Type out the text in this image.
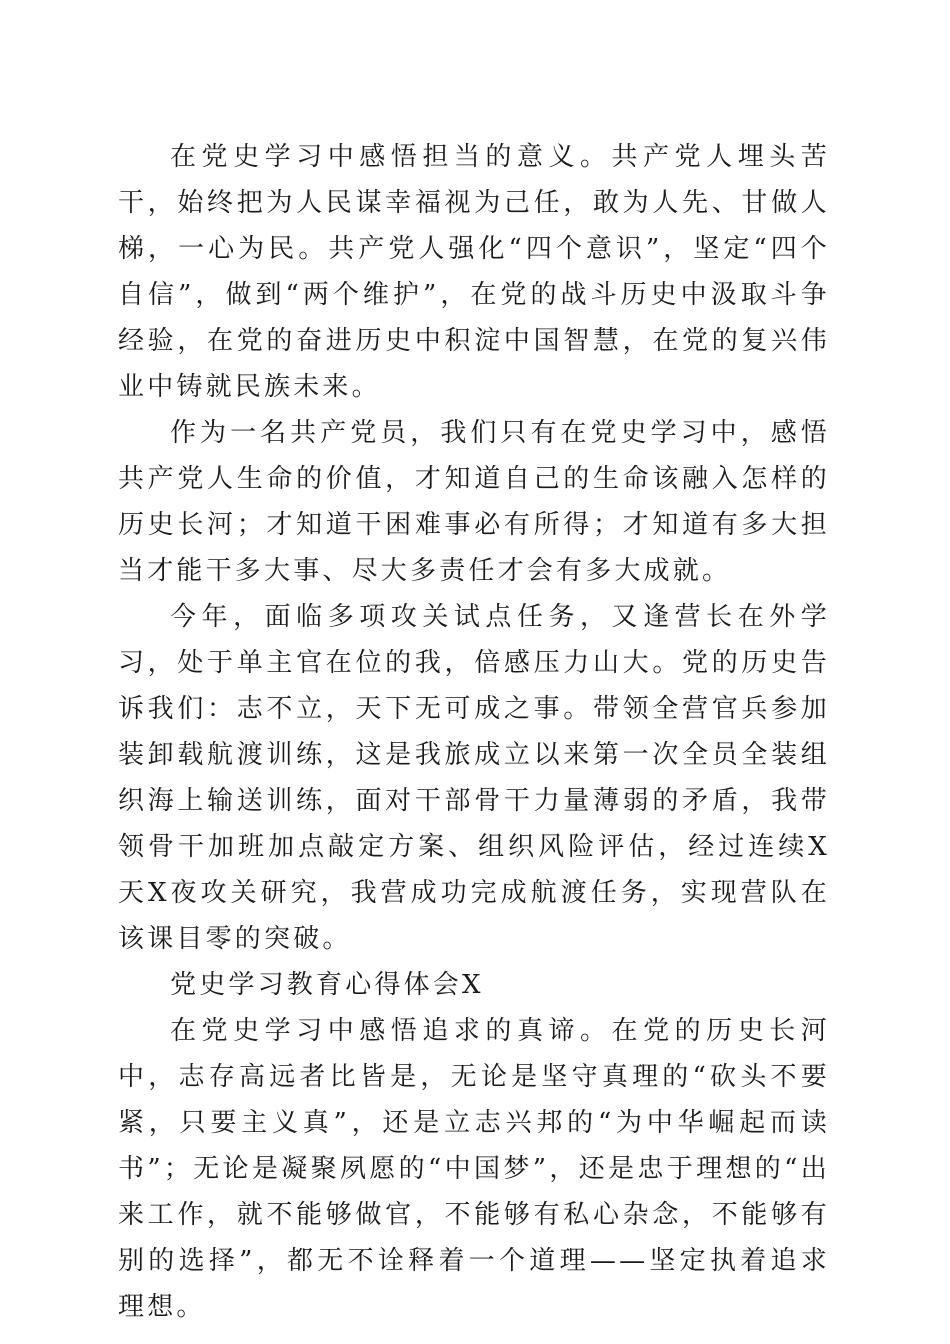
在党史学习中感悟担当的意义。共产党人埋头苦干，始终把为人民谋幸福视为己任，敢为人先、甘做人梯，一心为民。共产党人强化“四个意识”，坚定“四个自信”，做到“两个维护”，在党的战斗历史中汲取斗争经验，在党的奋进历史中积淀中国智慧，在党的复兴伟业中铸就民族未来。

作为一名共产党员，我们只有在党史学习中，感悟共产党人生命的价值，才知道自己的生命该融入怎样的历史长河；才知道干困难事必有所得；才知道有多大担当才能干多大事、尽大多责任才会有多大成就。

今年，面临多项攻关试点任务，又逢营长在外学习，处于单主官在位的我，倍感压力山大。党的历史告诉我们：志不立，天下无可成之事。带领全营官兵参加装卸载航渡训练，这是我旅成立以来第一次全员全装组织海上输送训练，面对干部骨干力量薄弱的矛盾，我带领骨干加班加点敲定方案、组织风险评估，经过连续X天X夜攻关研究，我营成功完成航渡任务，实现营队在该课目零的突破。

党史学习教育心得体会X

在党史学习中感悟追求的真谛。在党的历史长河中，志存高远者比皆是，无论是坚守真理的“砍头不要紧，只要主义真”，还是立志兴邦的“为中华崛起而读书”；无论是凝聚夙愿的“中国梦”，还是忠于理想的“出来工作，就不能够做官，不能够有私心杂念，不能够有别的选择”，都无不诠释着一个道理——坚定执着追求理想。
